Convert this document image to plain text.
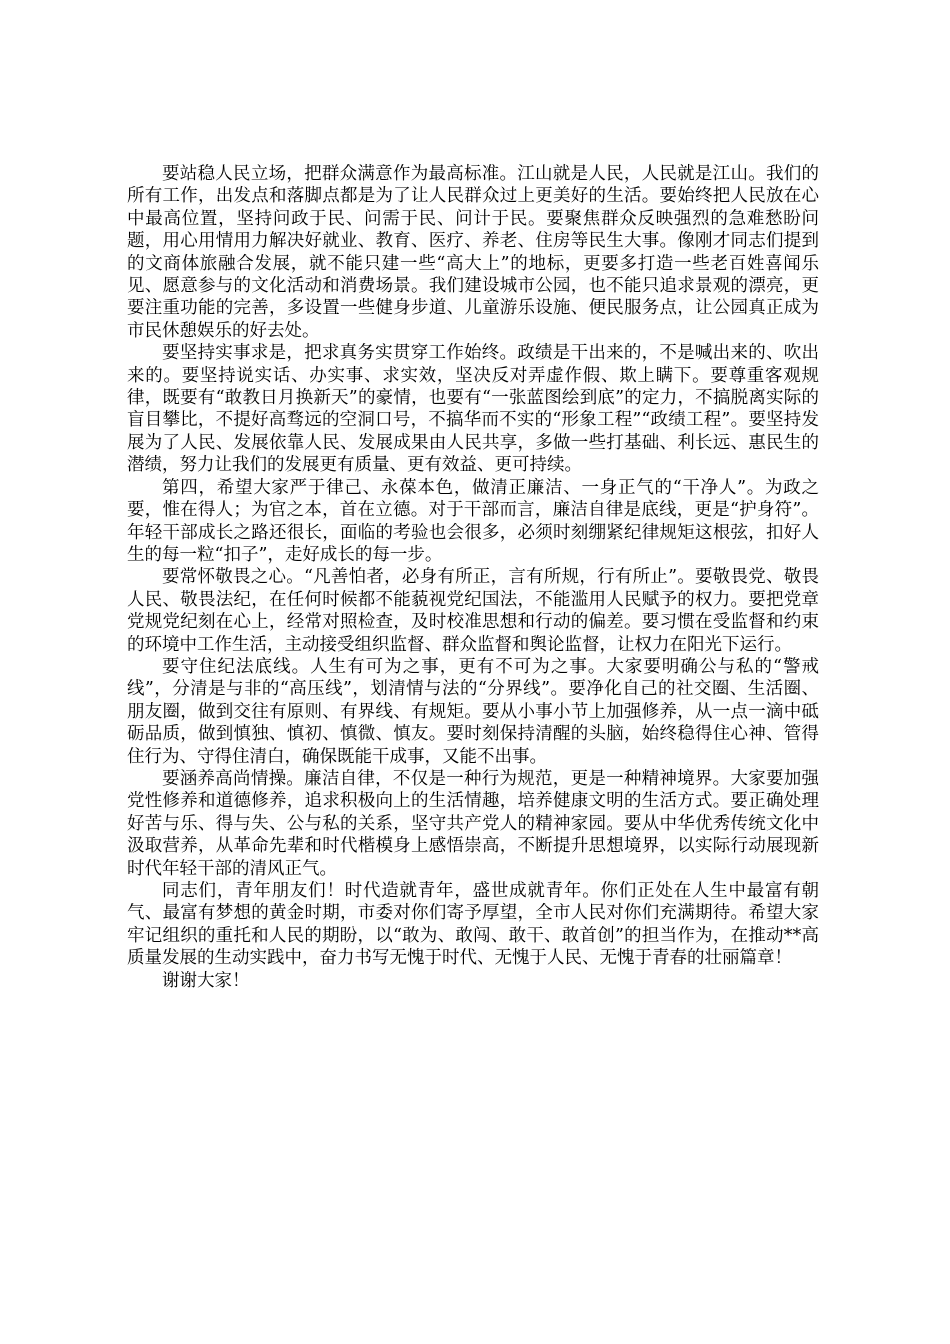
要站稳人民立场，把群众满意作为最高标准。江山就是人民，人民就是江山。我们的所有工作，出发点和落脚点都是为了让人民群众过上更美好的生活。要始终把人民放在心中最高位置，坚持问政于民、问需于民、问计于民。要聚焦群众反映强烈的急难愁盼问题，用心用情用力解决好就业、教育、医疗、养老、住房等民生大事。像刚才同志们提到的文商体旅融合发展，就不能只建一些“高大上”的地标，更要多打造一些老百姓喜闻乐见、愿意参与的文化活动和消费场景。我们建设城市公园，也不能只追求景观的漂亮，更要注重功能的完善，多设置一些健身步道、儿童游乐设施、便民服务点，让公园真正成为市民休憩娱乐的好去处。

要坚持实事求是，把求真务实贯穿工作始终。政绩是干出来的，不是喊出来的、吹出来的。要坚持说实话、办实事、求实效，坚决反对弄虚作假、欺上瞒下。要尊重客观规律，既要有“敢教日月换新天”的豪情，也要有“一张蓝图绘到底”的定力，不搞脱离实际的盲目攀比，不提好高骛远的空洞口号，不搞华而不实的“形象工程”“政绩工程”。要坚持发展为了人民、发展依靠人民、发展成果由人民共享，多做一些打基础、利长远、惠民生的潜绩，努力让我们的发展更有质量、更有效益、更可持续。

第四，希望大家严于律己、永葆本色，做清正廉洁、一身正气的“干净人”。为政之要，惟在得人；为官之本，首在立德。对于干部而言，廉洁自律是底线，更是“护身符”。年轻干部成长之路还很长，面临的考验也会很多，必须时刻绷紧纪律规矩这根弦，扣好人生的每一粒“扣子”，走好成长的每一步。

要常怀敬畏之心。“凡善怕者，必身有所正，言有所规，行有所止”。要敬畏党、敬畏人民、敬畏法纪，在任何时候都不能藐视党纪国法，不能滥用人民赋予的权力。要把党章党规党纪刻在心上，经常对照检查，及时校准思想和行动的偏差。要习惯在受监督和约束的环境中工作生活，主动接受组织监督、群众监督和舆论监督，让权力在阳光下运行。

要守住纪法底线。人生有可为之事，更有不可为之事。大家要明确公与私的“警戒线”，分清是与非的“高压线”，划清情与法的“分界线”。要净化自己的社交圈、生活圈、朋友圈，做到交往有原则、有界线、有规矩。要从小事小节上加强修养，从一点一滴中砥砺品质，做到慎独、慎初、慎微、慎友。要时刻保持清醒的头脑，始终稳得住心神、管得住行为、守得住清白，确保既能干成事，又能不出事。

要涵养高尚情操。廉洁自律，不仅是一种行为规范，更是一种精神境界。大家要加强党性修养和道德修养，追求积极向上的生活情趣，培养健康文明的生活方式。要正确处理好苦与乐、得与失、公与私的关系，坚守共产党人的精神家园。要从中华优秀传统文化中汲取营养，从革命先辈和时代楷模身上感悟崇高，不断提升思想境界，以实际行动展现新时代年轻干部的清风正气。

同志们，青年朋友们！时代造就青年，盛世成就青年。你们正处在人生中最富有朝气、最富有梦想的黄金时期，市委对你们寄予厚望，全市人民对你们充满期待。希望大家牢记组织的重托和人民的期盼，以“敢为、敢闯、敢干、敢首创”的担当作为，在推动**高质量发展的生动实践中，奋力书写无愧于时代、无愧于人民、无愧于青春的壮丽篇章！

谢谢大家！
